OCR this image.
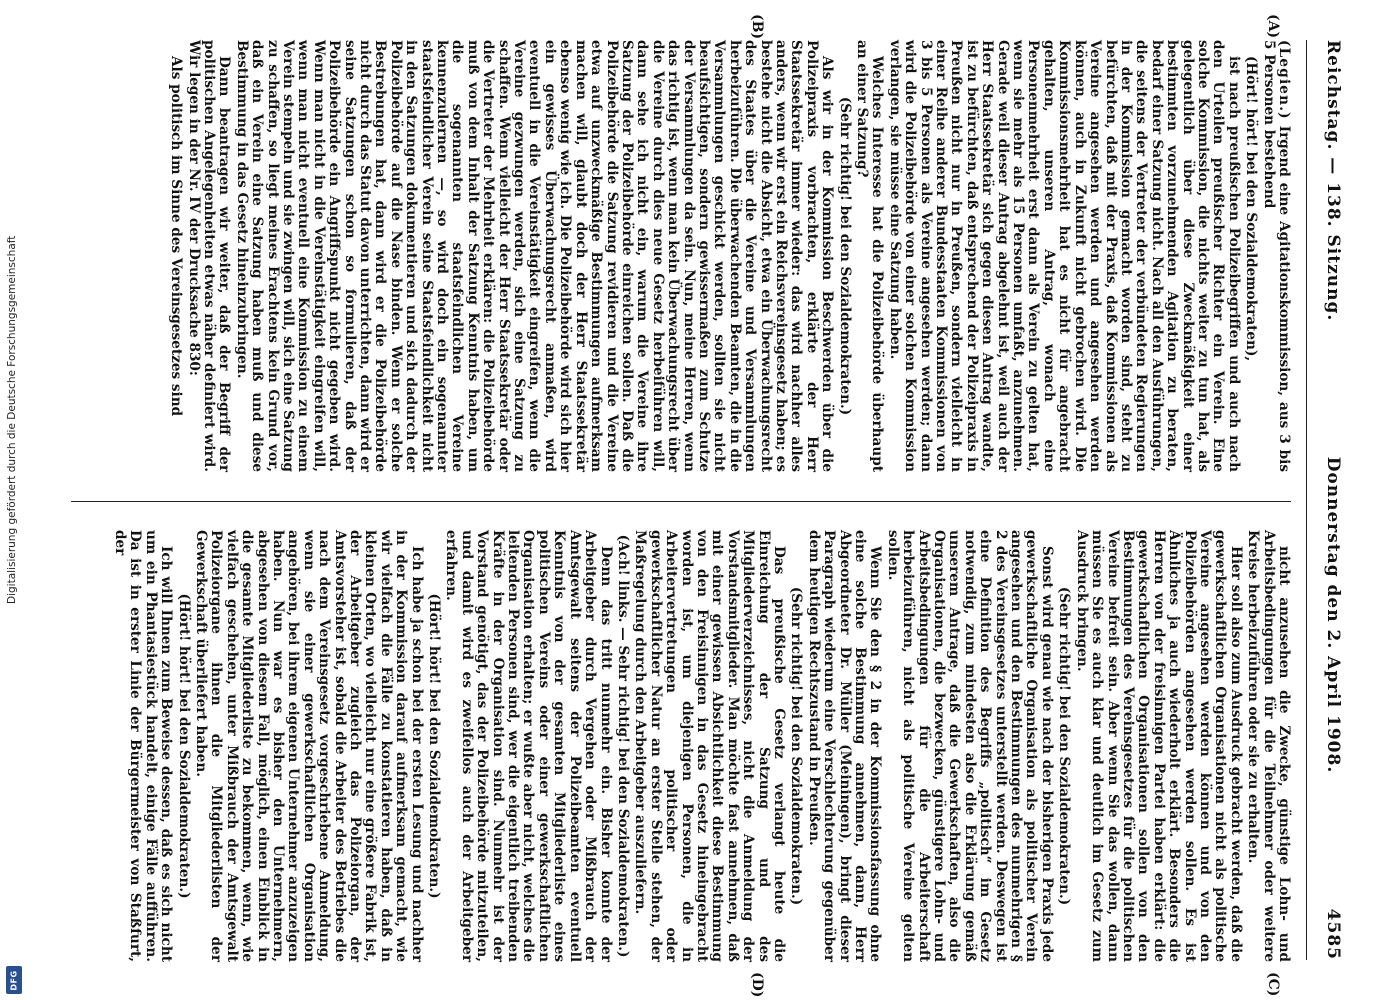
Reichstag. — 138. Sitzung.
Donnerstag den 2. April 1908.
4585
(A)
(B)
(C)
(D)

(Legien.) Irgend eine Agitationskommission, aus 3 bis 5 Personen bestehend

(Hört! hört! bei den Sozialdemokraten),

ist nach preußischen Polizeibegriffen und auch nach den Urteilen preußischer Richter ein Verein. Eine solche Kommission, die nichts weiter zu tun hat, als gelegentlich über diese Zweckmäßigkeit einer bestimmten vorzunehmenden Agitation zu beraten, bedarf einer Satzung nicht. Nach all den Ausführungen, die seitens der Vertreter der verbündeten Regierungen in der Kommission gemacht worden sind, steht zu befürchten, daß mit der Praxis, daß Kommissionen als Vereine angesehen werden und angesehen werden können, auch in Zukunft nicht gebrochen wird. Die Kommissionsmehrheit hat es nicht für angebracht gehalten, unseren Antrag, wonach eine Personenmehrheit erst dann als Verein zu gelten hat, wenn sie mehr als 15 Personen umfaßt, anzunehmen. Gerade weil dieser Antrag abgelehnt ist, weil auch der Herr Staatssekretär sich gegen diesen Antrag wandte, ist zu befürchten, daß entsprechend der Polizeipraxis in Preußen nicht nur in Preußen, sondern vielleicht in einer Reihe anderer Bundesstaaten Kommissionen von 3 bis 5 Personen als Vereine angesehen werden; dann wird die Polizeibehörde von einer solchen Kommission verlangen, sie müsse eine Satzung haben.

Welches Interesse hat die Polizeibehörde überhaupt an einer Satzung?

(Sehr richtig! bei den Sozialdemokraten.)

Als wir in der Kommission Beschwerden über die Polizeipraxis vorbrachten, erklärte der Herr Staatssekretär immer wieder: das wird nachher alles anders, wenn wir erst ein Reichsvereinsgesetz haben; es bestehe nicht die Absicht, etwa ein Überwachungsrecht des Staates über die Vereine und Versammlungen herbeizuführen. Die überwachenden Beamten, die in die Versammlungen geschickt werden, sollten sie nicht beaufsichtigen, sondern gewissermaßen zum Schutze der Versammlungen da sein. Nun, meine Herren, wenn das richtig ist, wenn man kein Überwachungsrecht über die Vereine durch dies neue Gesetz herbeiführen will, dann sehe ich nicht ein, warum die Vereine ihre Satzung der Polizeibehörde einreichen sollen. Daß die Polizeibehörde die Satzung revidieren und die Vereine etwa auf unzweckmäßige Bestimmungen aufmerksam machen will, glaubt doch der Herr Staatssekretär ebenso wenig wie ich. Die Polizeibehörde wird sich hier ein gewisses Überwachungsrecht anmaßen, wird eventuell in die Vereinstätigkeit eingreifen, wenn die Vereine gezwungen werden, sich eine Satzung zu schaffen. Wenn vielleicht der Herr Staatssekretär oder die Vertreter der Mehrheit erklären: die Polizeibehörde muß von dem Inhalt der Satzung Kenntnis haben, um die sogenannten staatsfeindlichen Vereine kennenzulernen —, so wird doch ein sogenannter staatsfeindlicher Verein seine Staatsfeindlichkeit nicht in den Satzungen dokumentieren und sich dadurch der Polizeibehörde auf die Nase binden. Wenn er solche Bestrebungen hat, dann wird er die Polizeibehörde nicht durch das Statut davon unterrichten, dann wird er seine Satzungen schon so formulieren, daß der Polizeibehörde ein Angriffspunkt nicht gegeben wird. Wenn man nicht in die Vereinstätigkeit eingreifen will, wenn man nicht eventuell eine Kommission zu einem Verein stempeln und sie zwingen will, sich eine Satzung zu schaffen, so liegt meines Erachtens kein Grund vor, daß ein Verein eine Satzung haben muß und diese Bestimmung in das Gesetz hineinzubringen.

Dann beantragen wir weiter, daß der Begriff der politischen Angelegenheiten etwas näher definiert wird. Wir legen in der Nr. IV der Drucksache 830:

Als politisch im Sinne des Vereinsgesetzes sind

nicht anzusehen die Zwecke, günstige Lohn- und Arbeitsbedingungen für die Teilnehmer oder weitere Kreise herbeizuführen oder sie zu erhalten.

Hier soll also zum Ausdruck gebracht werden, daß die gewerkschaftlichen Organisationen nicht als politische Vereine angesehen werden können und von den Polizeibehörden angesehen werden sollen. Es ist Ähnliches ja auch wiederholt erklärt. Besonders die Herren von der freisinnigen Partei haben erklärt: die gewerkschaftlichen Organisationen sollen von den Bestimmungen des Vereinsgesetzes für die politischen Vereine befreit sein. Aber wenn Sie das wollen, dann müssen Sie es auch klar und deutlich im Gesetz zum Ausdruck bringen.

(Sehr richtig! bei den Sozialdemokraten.)

Sonst wird genau wie nach der bisherigen Praxis jede gewerkschaftliche Organisation als politischer Verein angesehen und den Bestimmungen des nunmehrigen § 2 des Vereinsgesetzes unterstellt werden. Deswegen ist eine Definition des Begriffs „politisch“ im Gesetz notwendig, zum mindesten also die Erklärung gemäß unserem Antrage, daß die Gewerkschaften, also die Organisationen, die bezwecken, günstigere Lohn- und Arbeitsbedingungen für die Arbeiterschaft herbeizuführen, nicht als politische Vereine gelten sollen.

Wenn Sie den § 2 in der Kommissionsfassung ohne eine solche Bestimmung annehmen, dann, Herr Abgeordneter Dr. Müller (Meiningen), bringt dieser Paragraph wiederum eine Verschlechterung gegenüber dem heutigen Rechtszustand in Preußen.

(Sehr richtig! bei den Sozialdemokraten.)

Das preußische Gesetz verlangt heute die Einreichung der Satzung und des Mitgliederverzeichnisses, nicht die Anmeldung der Vorstandsmitglieder. Man möchte fast annehmen, daß mit einer gewissen Absichtlichkeit diese Bestimmung von den Freisinnigen in das Gesetz hineingebracht worden ist, um diejenigen Personen, die in Arbeitervertretungen politischer oder gewerkschaftlicher Natur an erster Stelle stehen, der Maßregelung durch den Arbeitgeber auszuliefern.

(Ach! links. — Sehr richtig! bei den Sozialdemokraten.)

Denn das tritt nunmehr ein. Bisher konnte der Arbeitgeber durch Vergehen oder Mißbrauch der Amtsgewalt seitens der Polizeibeamten eventuell Kenntnis von der gesamten Mitgliederliste eines politischen Vereins oder einer gewerkschaftlichen Organisation erhalten; er wußte aber nicht, welches die leitenden Personen sind, wer die eigentlich treibenden Kräfte in der Organisation sind. Nunmehr ist der Vorstand genötigt, das der Polizeibehörde mitzuteilen, und damit wird es zweifellos auch der Arbeitgeber erfahren.

(Hört! hört! bei den Sozialdemokraten.)

Ich habe ja schon bei der ersten Lesung und nachher in der Kommission darauf aufmerksam gemacht, wie wir vielfach die Fälle zu konstatieren haben, daß in kleinen Orten, wo vielleicht nur eine größere Fabrik ist, der Arbeitgeber zugleich das Polizeiorgan, der Amtsvorsteher ist, sobald die Arbeiter des Betriebes die nach dem Vereinsgesetz vorgeschriebene Anmeldung, wenn sie einer gewerkschaftlichen Organisation angehören, bei ihrem eigenen Unternehmer anzuzeigen haben. Nun war es bisher den Unternehmern, abgesehen von diesem Fall, möglich, einen Einblick in die gesamte Mitgliederliste zu bekommen, wenn, wie vielfach geschehen, unter Mißbrauch der Amtsgewalt Polizeiorgane ihnen die Mitgliederlisten der Gewerkschaft überliefert haben.

(Hört! hört! bei den Sozialdemokraten.)

Ich will Ihnen zum Beweise dessen, daß es sich nicht um ein Phantasiestück handelt, einige Fälle aufführen. Da ist in erster Linie der Bürgermeister von Staßfurt, der

Digitalisierung gefördert durch die Deutsche Forschungsgemeinschaft
DFG
